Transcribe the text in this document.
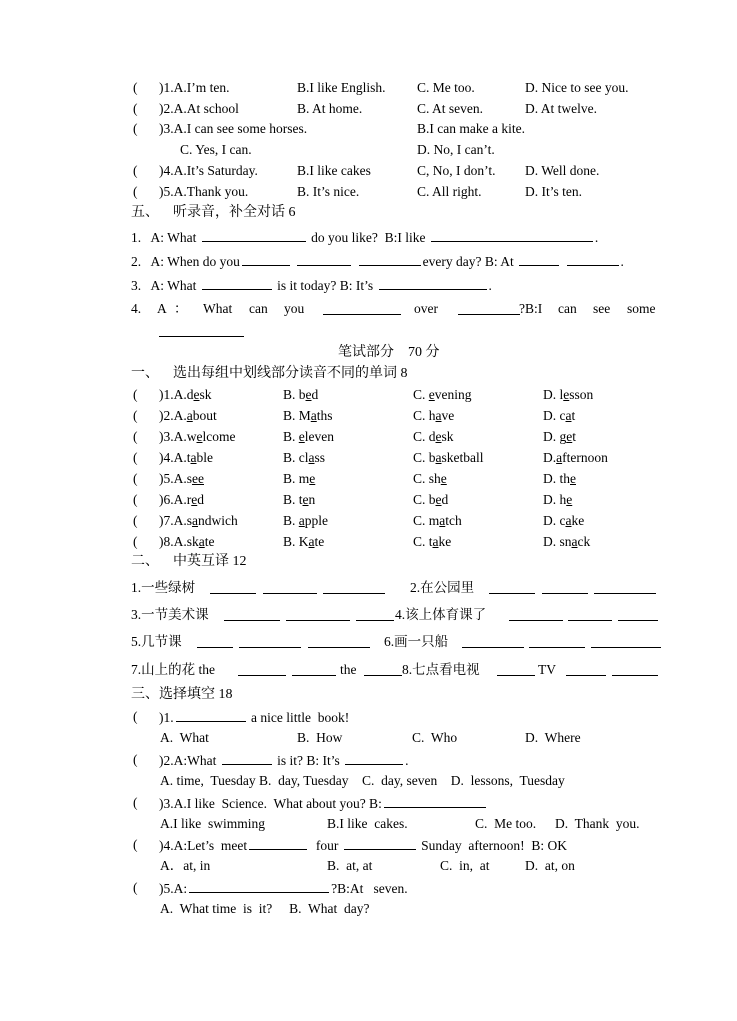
( )1.A.I’m ten.	B.I like English. C. Me too.	D. Nice to see you.
( )2.A.At school	B. At home.	C. At seven.	D. At twelve.
( )3.A.I can see some horses.	B.I can make a kite.
C. Yes, I can.	D. No, I can’t.
( )4.A.It’s Saturday.	B.I like cakes	C, No, I don’t. D. Well done.
( )5.A.Thank you.	B. It’s nice.	C. All right.	D. It’s ten.
五、    听录音，补全对话 6
1. A: What	do you like?  B:I like	.
2. A: When do you	every day? B: At	.
3. A: What	is it today? B: It’s	.
4. A ： What can you	over	?B:I can see some
笔试部分    70 分
一、    选出每组中划线部分读音不同的单词 8
( )1.A.desk	B. bed	C. evening	D. lesson
( )2.A.about	B. Maths	C. have	D. cat
( )3.A.welcome	B. eleven	C. desk	D. get
( )4.A.table	B. class	C. basketball	D.afternoon
( )5.A.see	B. me	C. she	D. the
( )6.A.red	B. ten	C. bed	D. he
( )7.A.sandwich	B. apple	C. match	D. cake
( )8.A.skate	B. Kate	C. take	D. snack
二、    中英互译 12
1.一些绿树	2.在公园里
3.一节美术课	4.该上体育课了
5.几节课	6.画一只船
7.山上的花 the	the	8.七点看电视	TV
三、选择填空 18
( )1.	a nice little  book!
A.  What	B.  How	C.  Who	D.  Where
( )2.A:What	is it? B: It’s	.
A. time,  Tuesday B.  day, Tuesday    C.  day, seven    D.  lessons,  Tuesday
( )3.A.I like  Science.  What about you? B:
A.I like  swimming	B.I like  cakes.	C.  Me too. D.  Thank  you.
( )4.A:Let’s  meet	four	Sunday  afternoon!  B: OK
A．at, in	B.  at, at	C.  in,  at	D.  at, on
( )5.A:	?B:At   seven.
A.  What time  is  it?     B.  What  day?
